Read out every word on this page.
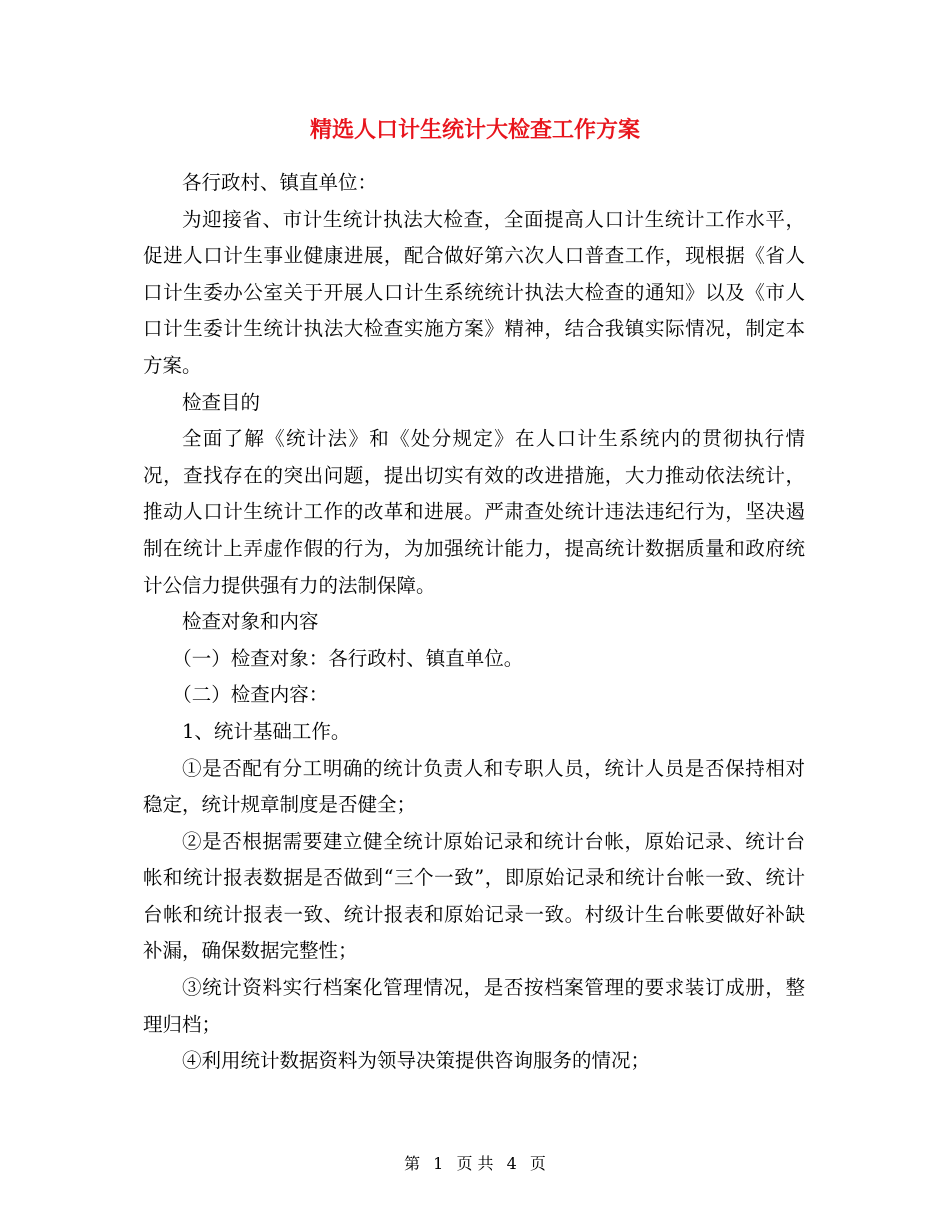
精选人口计生统计大检查工作方案

各行政村、镇直单位：

为迎接省、市计生统计执法大检查，全面提高人口计生统计工作水平，促进人口计生事业健康进展，配合做好第六次人口普查工作，现根据《省人口计生委办公室关于开展人口计生系统统计执法大检查的通知》以及《市人口计生委计生统计执法大检查实施方案》精神，结合我镇实际情况，制定本方案。

检查目的

全面了解《统计法》和《处分规定》在人口计生系统内的贯彻执行情况，查找存在的突出问题，提出切实有效的改进措施，大力推动依法统计，推动人口计生统计工作的改革和进展。严肃查处统计违法违纪行为，坚决遏制在统计上弄虚作假的行为，为加强统计能力，提高统计数据质量和政府统计公信力提供强有力的法制保障。

检查对象和内容

（一）检查对象：各行政村、镇直单位。

（二）检查内容：

1、统计基础工作。

①是否配有分工明确的统计负责人和专职人员，统计人员是否保持相对稳定，统计规章制度是否健全；

②是否根据需要建立健全统计原始记录和统计台帐，原始记录、统计台帐和统计报表数据是否做到“三个一致”，即原始记录和统计台帐一致、统计台帐和统计报表一致、统计报表和原始记录一致。村级计生台帐要做好补缺补漏，确保数据完整性；

③统计资料实行档案化管理情况，是否按档案管理的要求装订成册，整理归档；

④利用统计数据资料为领导决策提供咨询服务的情况；

第 1 页 共 4 页
